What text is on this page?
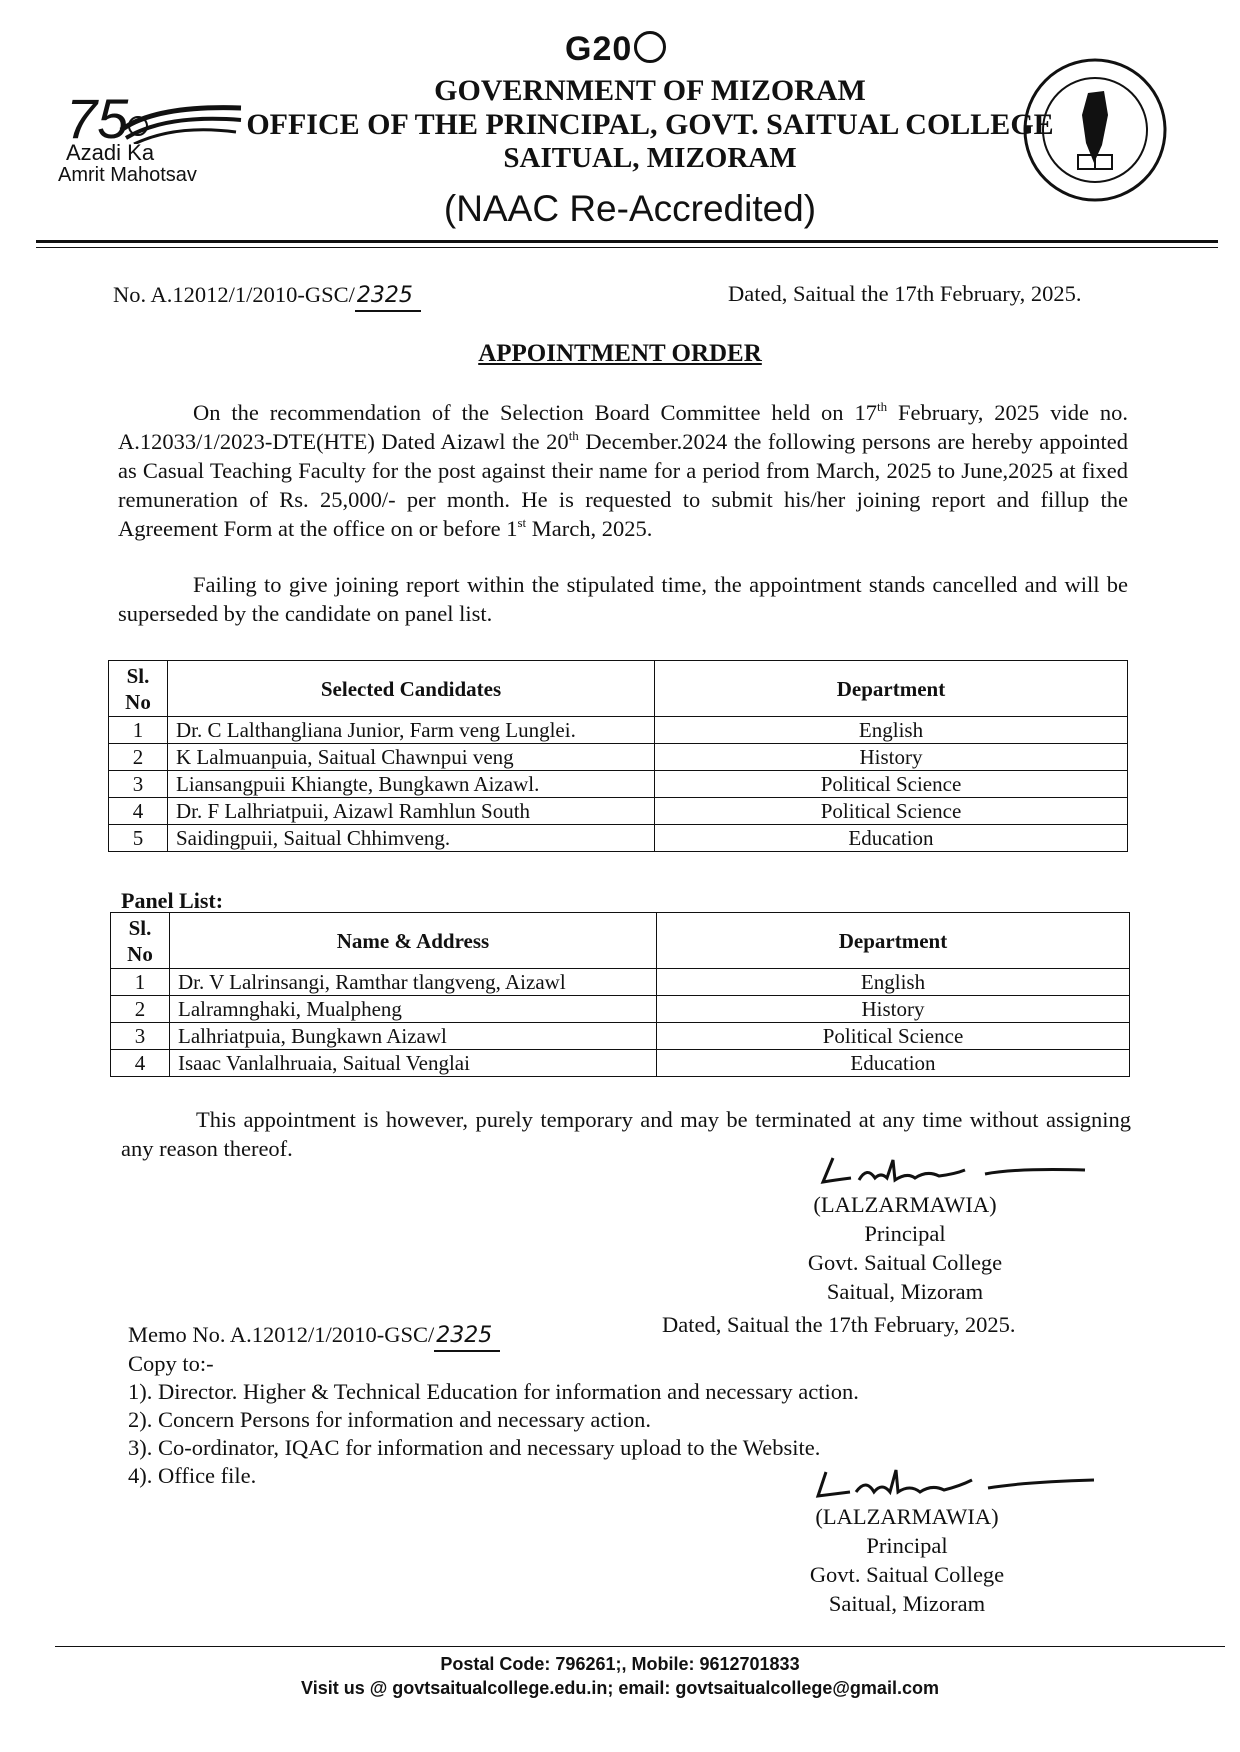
G20
75
Azadi Ka
Amrit Mahotsav
GOVERNMENT OF MIZORAM
OFFICE OF THE PRINCIPAL, GOVT. SAITUAL COLLEGE
SAITUAL, MIZORAM
(NAAC Re-Accredited)
No. A.12012/1/2010-GSC/2325	Dated, Saitual the 17th February, 2025.
APPOINTMENT ORDER
On the recommendation of the Selection Board Committee held on 17th February, 2025 vide no. A.12033/1/2023-DTE(HTE) Dated Aizawl the 20th December.2024 the following persons are hereby appointed as Casual Teaching Faculty for the post against their name for a period from March, 2025 to June,2025 at fixed remuneration of Rs. 25,000/- per month. He is requested to submit his/her joining report and fillup the Agreement Form at the office on or before 1st March, 2025.
Failing to give joining report within the stipulated time, the appointment stands cancelled and will be superseded by the candidate on panel list.
Sl. No	Selected Candidates	Department
1	Dr. C Lalthangliana Junior, Farm veng Lunglei.	English
2	K Lalmuanpuia, Saitual Chawnpui veng	History
3	Liansangpuii Khiangte, Bungkawn Aizawl.	Political Science
4	Dr. F Lalhriatpuii, Aizawl Ramhlun South	Political Science
5	Saidingpuii, Saitual Chhimveng.	Education
Panel List:
Sl. No	Name & Address	Department
1	Dr. V Lalrinsangi, Ramthar tlangveng, Aizawl	English
2	Lalramnghaki, Mualpheng	History
3	Lalhriatpuia, Bungkawn Aizawl	Political Science
4	Isaac Vanlalhruaia, Saitual Venglai	Education
This appointment is however, purely temporary and may be terminated at any time without assigning any reason thereof.
(LALZARMAWIA)
Principal
Govt. Saitual College
Saitual, Mizoram
Memo No. A.12012/1/2010-GSC/2325	Dated, Saitual the 17th February, 2025.
Copy to:-
1). Director. Higher & Technical Education for information and necessary action.
2). Concern Persons for information and necessary action.
3). Co-ordinator, IQAC for information and necessary upload to the Website.
4). Office file.
(LALZARMAWIA)
Principal
Govt. Saitual College
Saitual, Mizoram
Postal Code: 796261;, Mobile: 9612701833
Visit us @ govtsaitualcollege.edu.in; email: govtsaitualcollege@gmail.com
